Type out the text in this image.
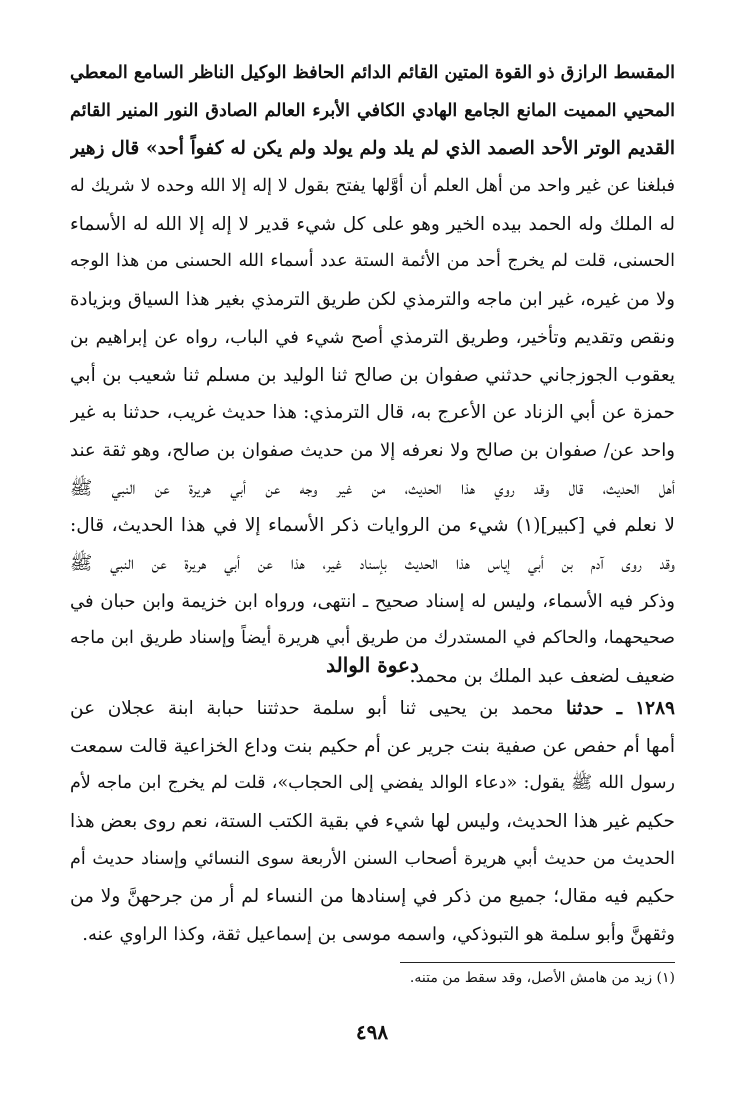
المقسط الرازق ذو القوة المتين القائم الدائم الحافظ الوكيل الناظر السامع المعطي
المحيي المميت المانع الجامع الهادي الكافي الأبرء العالم الصادق النور المنير القائم
القديم الوتر الأحد الصمد الذي لم يلد ولم يولد ولم يكن له كفواً أحد» قال زهير
فبلغنا عن غير واحد من أهل العلم أن أوَّلها يفتح بقول لا إله إلا الله وحده لا شريك له
له الملك وله الحمد بيده الخير وهو على كل شيء قدير لا إله إلا الله له الأسماء
الحسنى، قلت لم يخرج أحد من الأئمة الستة عدد أسماء الله الحسنى من هذا الوجه
ولا من غيره، غير ابن ماجه والترمذي لكن طريق الترمذي بغير هذا السياق وبزيادة
ونقص وتقديم وتأخير، وطريق الترمذي أصح شيء في الباب، رواه عن إبراهيم بن
يعقوب الجوزجاني حدثني صفوان بن صالح ثنا الوليد بن مسلم ثنا شعيب بن أبي
حمزة عن أبي الزناد عن الأعرج به، قال الترمذي: هذا حديث غريب، حدثنا به غير
واحد عن/ صفوان بن صالح ولا نعرفه إلا من حديث صفوان بن صالح، وهو ثقة عند
أهل الحديث، قال وقد روي هذا الحديث، من غير وجه عن أبي هريرة عن النبي ﷺ
لا نعلم في [كبير](١) شيء من الروايات ذكر الأسماء إلا في هذا الحديث، قال:
وقد روى آدم بن أبي إياس هذا الحديث بإسناد غير، هذا عن أبي هريرة عن النبي ﷺ
وذكر فيه الأسماء، وليس له إسناد صحيح ـ انتهى، ورواه ابن خزيمة وابن حبان في
صحيحهما، والحاكم في المستدرك من طريق أبي هريرة أيضاً وإسناد طريق ابن ماجه
ضعيف لضعف عبد الملك بن محمد.
دعوة الوالد
١٢٨٩ ـ حدثنا محمد بن يحيى ثنا أبو سلمة حدثتنا حبابة ابنة عجلان عن
أمها أم حفص عن صفية بنت جرير عن أم حكيم بنت وداع الخزاعية قالت سمعت
رسول الله ﷺ يقول: «دعاء الوالد يفضي إلى الحجاب»، قلت لم يخرج ابن ماجه لأم
حكيم غير هذا الحديث، وليس لها شيء في بقية الكتب الستة، نعم روى بعض هذا
الحديث من حديث أبي هريرة أصحاب السنن الأربعة سوى النسائي وإسناد حديث أم
حكيم فيه مقال؛ جميع من ذكر في إسنادها من النساء لم أر من جرحهنَّ ولا من
وثقهنَّ وأبو سلمة هو التبوذكي، واسمه موسى بن إسماعيل ثقة، وكذا الراوي عنه.
(١) زيد من هامش الأصل، وقد سقط من متنه.
٤٩٨
